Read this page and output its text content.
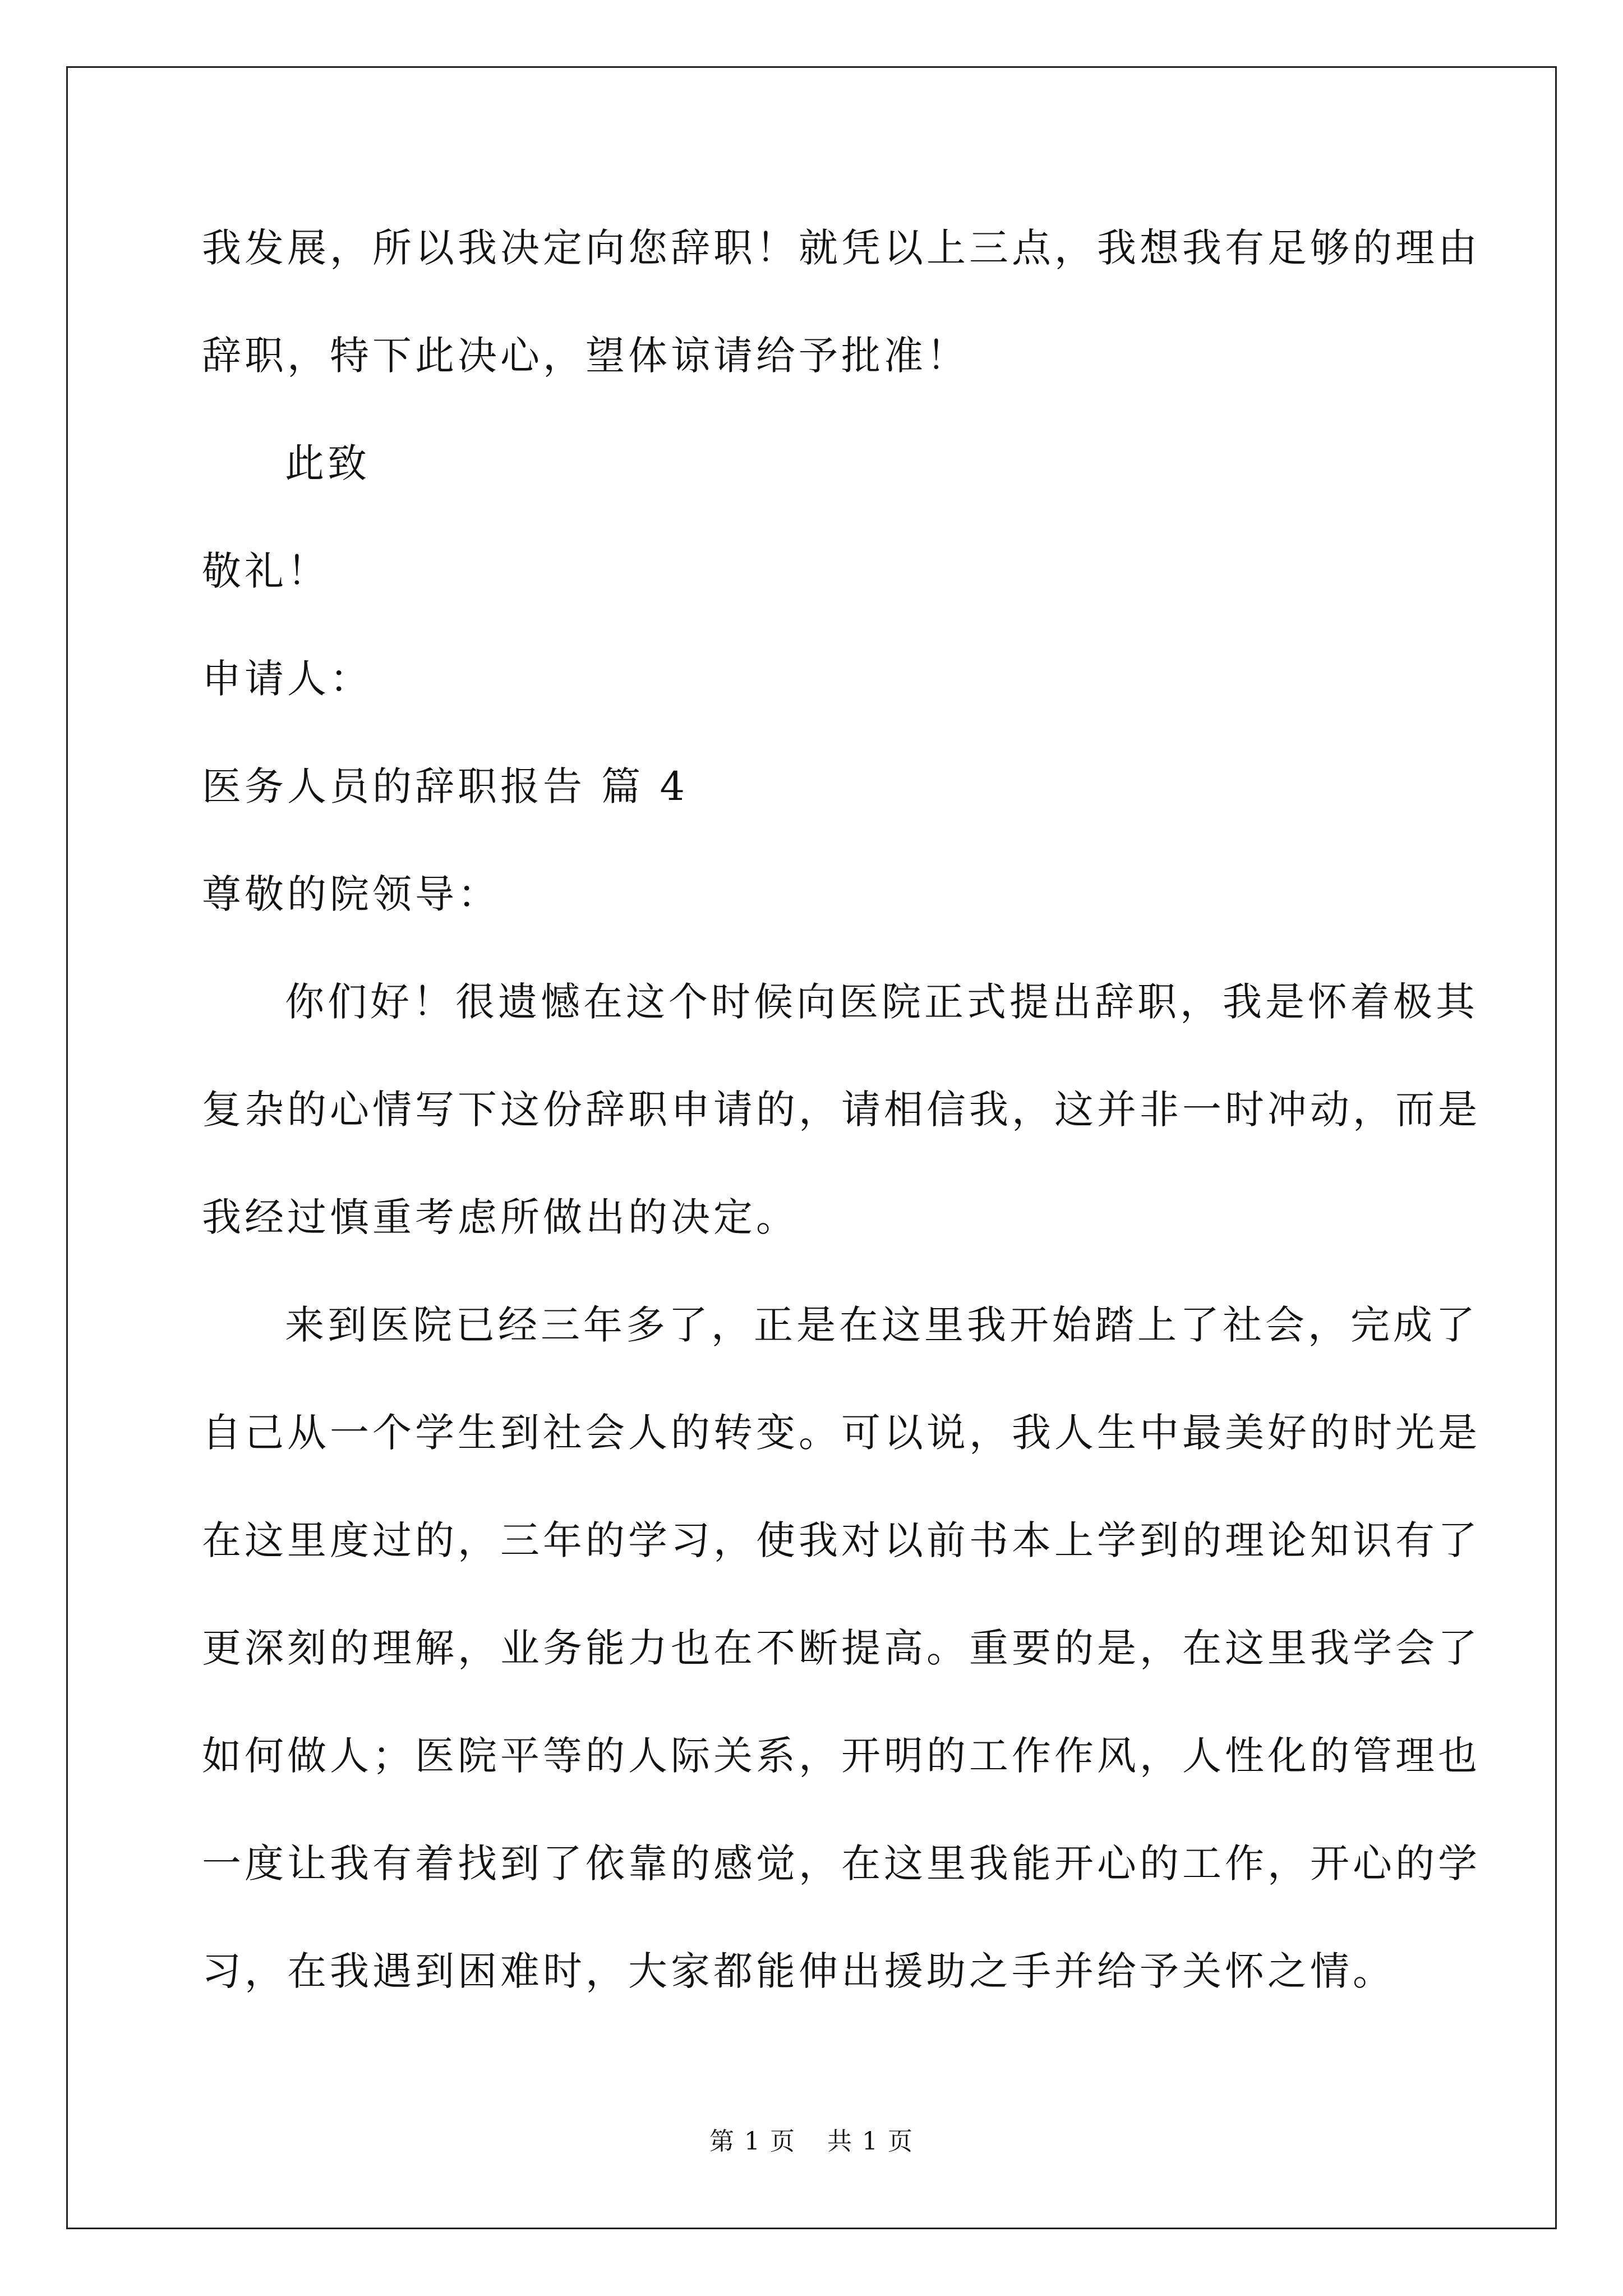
我发展，所以我决定向您辞职！就凭以上三点，我想我有足够的理由

辞职，特下此决心，望体谅请给予批准！

此致

敬礼！

申请人：

医务人员的辞职报告 篇 4

尊敬的院领导：

你们好！很遗憾在这个时候向医院正式提出辞职，我是怀着极其

复杂的心情写下这份辞职申请的，请相信我，这并非一时冲动，而是

我经过慎重考虑所做出的决定。

来到医院已经三年多了，正是在这里我开始踏上了社会，完成了

自己从一个学生到社会人的转变。可以说，我人生中最美好的时光是

在这里度过的，三年的学习，使我对以前书本上学到的理论知识有了

更深刻的理解，业务能力也在不断提高。重要的是，在这里我学会了

如何做人；医院平等的人际关系，开明的工作作风，人性化的管理也

一度让我有着找到了依靠的感觉，在这里我能开心的工作，开心的学

习，在我遇到困难时，大家都能伸出援助之手并给予关怀之情。

第 1 页 共 1 页
